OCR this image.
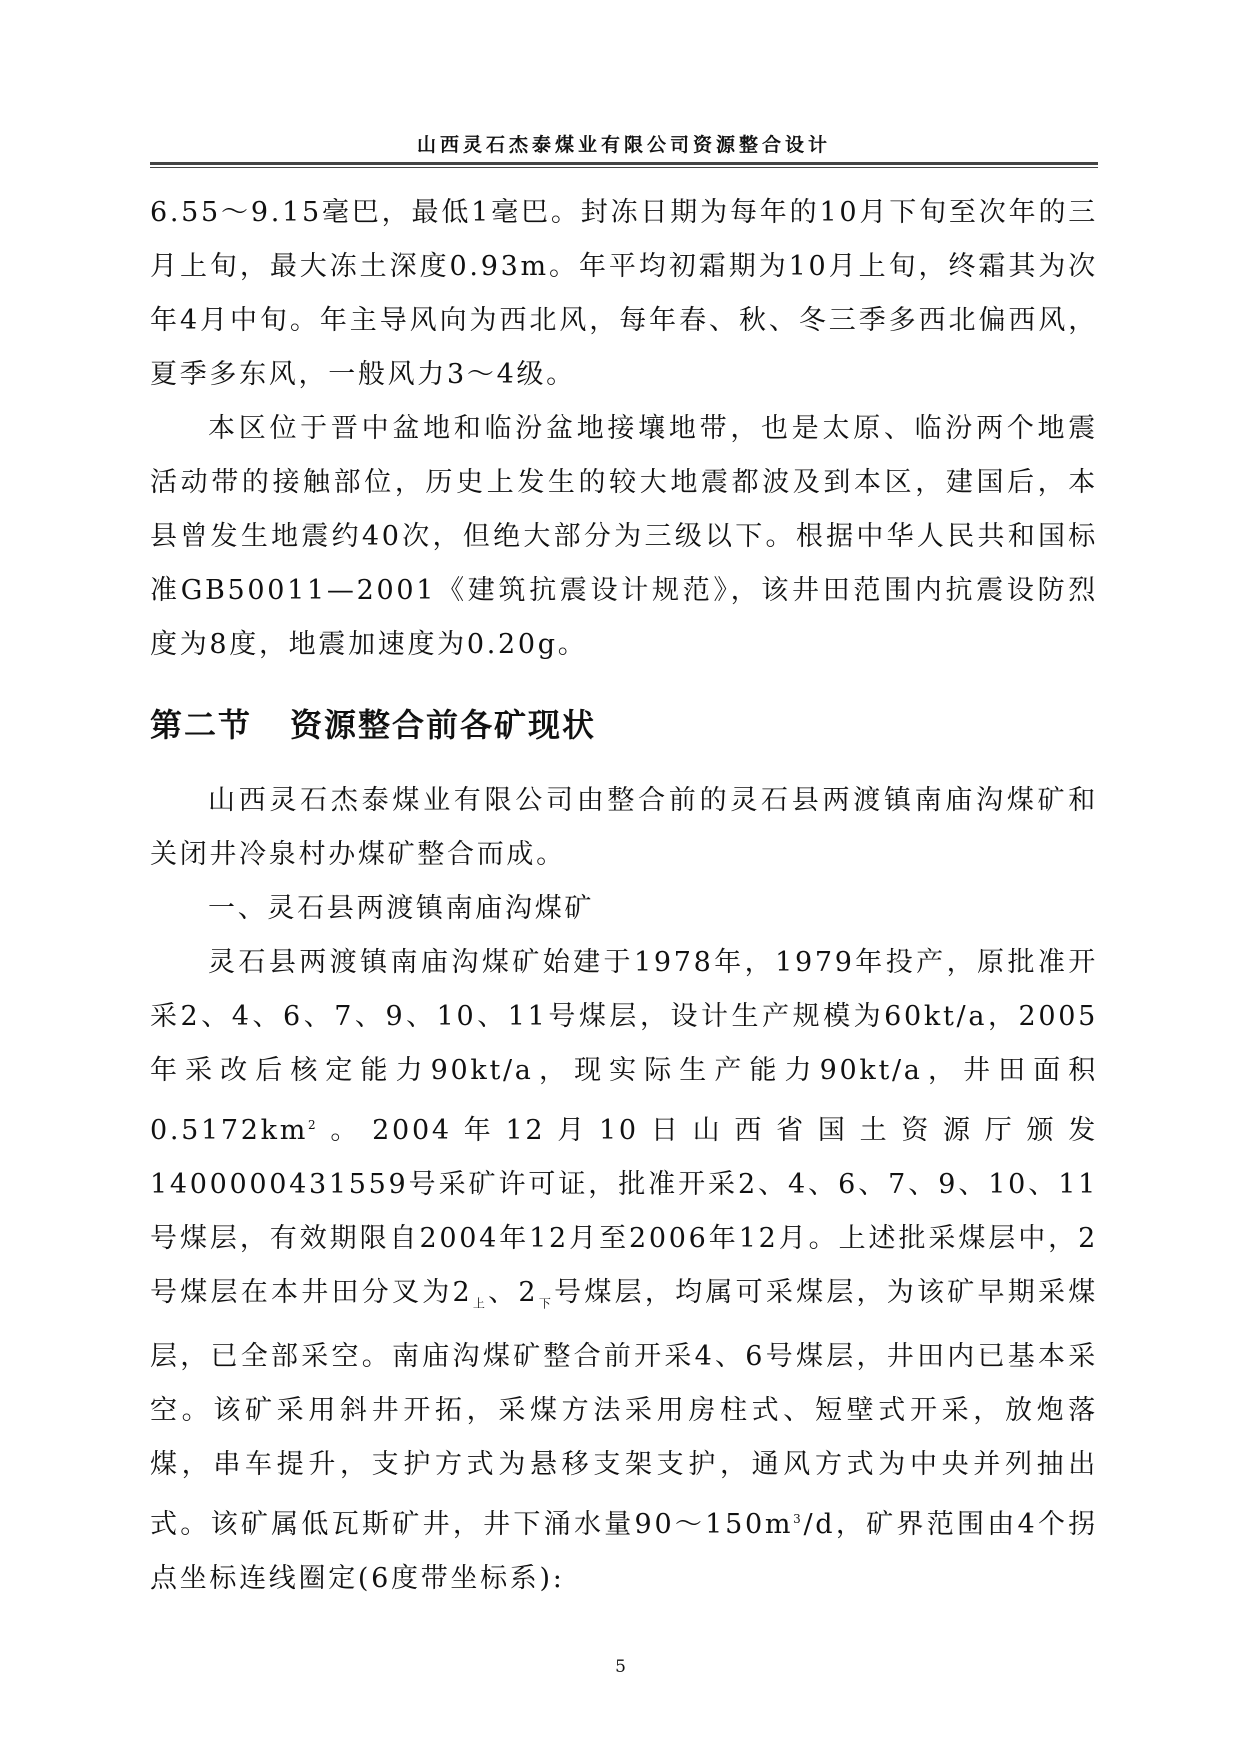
山西灵石杰泰煤业有限公司资源整合设计

6.55～9.15毫巴，最低1毫巴。封冻日期为每年的10月下旬至次年的三月上旬，最大冻土深度0.93m。年平均初霜期为10月上旬，终霜其为次年4月中旬。年主导风向为西北风，每年春、秋、冬三季多西北偏西风，夏季多东风，一般风力3～4级。

本区位于晋中盆地和临汾盆地接壤地带，也是太原、临汾两个地震活动带的接触部位，历史上发生的较大地震都波及到本区，建国后，本县曾发生地震约40次，但绝大部分为三级以下。根据中华人民共和国标准GB50011—2001《建筑抗震设计规范》，该井田范围内抗震设防烈度为8度，地震加速度为0.20g。

第二节 资源整合前各矿现状

山西灵石杰泰煤业有限公司由整合前的灵石县两渡镇南庙沟煤矿和关闭井冷泉村办煤矿整合而成。

一、灵石县两渡镇南庙沟煤矿

灵石县两渡镇南庙沟煤矿始建于1978年，1979年投产，原批准开采2、4、6、7、9、10、11号煤层，设计生产规模为60kt/a，2005年采改后核定能力90kt/a，现实际生产能力90kt/a，井田面积$0.5172km^2$。2004年12月10日山西省国土资源厅颁发1400000431559号采矿许可证，批准开采2、4、6、7、9、10、11号煤层，有效期限自2004年12月至2006年12月。上述批采煤层中，2号煤层在本井田分叉为$2_上$、$2_下$号煤层，均属可采煤层，为该矿早期采煤层，已全部采空。南庙沟煤矿整合前开采4、6号煤层，井田内已基本采空。该矿采用斜井开拓，采煤方法采用房柱式、短壁式开采，放炮落煤，串车提升，支护方式为悬移支架支护，通风方式为中央并列抽出式。该矿属低瓦斯矿井，井下涌水量$90\sim 150m^3/d$，矿界范围由4个拐点坐标连线圈定(6度带坐标系):

5
